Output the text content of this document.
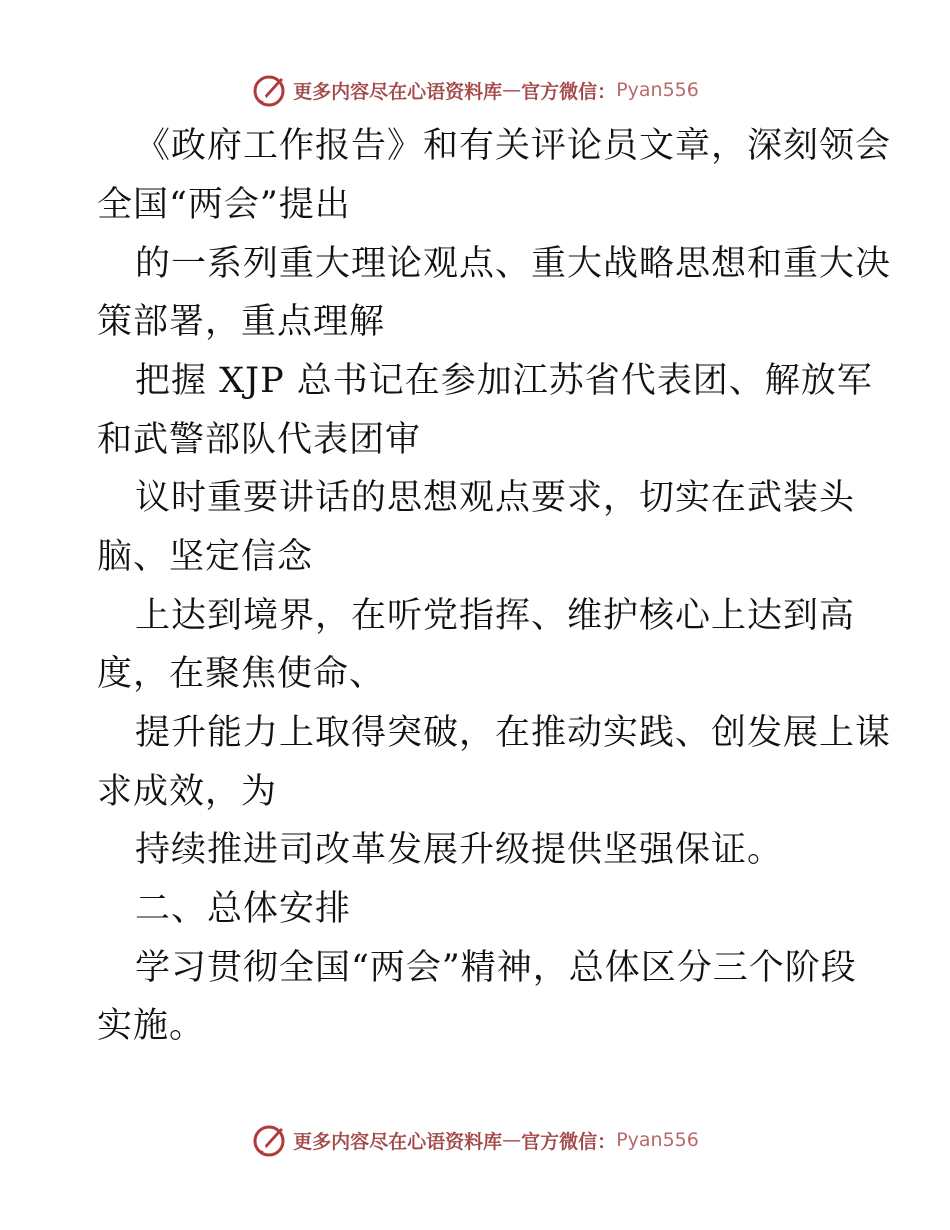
更多内容尽在心语资料库 — 官方微信： Pyan556
《政府工作报告》和有关评论员文章，深刻领会
全国“两会”提出
的一系列重大理论观点、重大战略思想和重大决
策部署，重点理解
把握 XJP 总书记在参加江苏省代表团、解放军
和武警部队代表团审
议时重要讲话的思想观点要求，切实在武装头
脑、坚定信念
上达到境界，在听党指挥、维护核心上达到高
度，在聚焦使命、
提升能力上取得突破，在推动实践、创发展上谋
求成效，为
持续推进司改革发展升级提供坚强保证。
二、总体安排
学习贯彻全国“两会”精神，总体区分三个阶段
实施。
更多内容尽在心语资料库 — 官方微信： Pyan556
